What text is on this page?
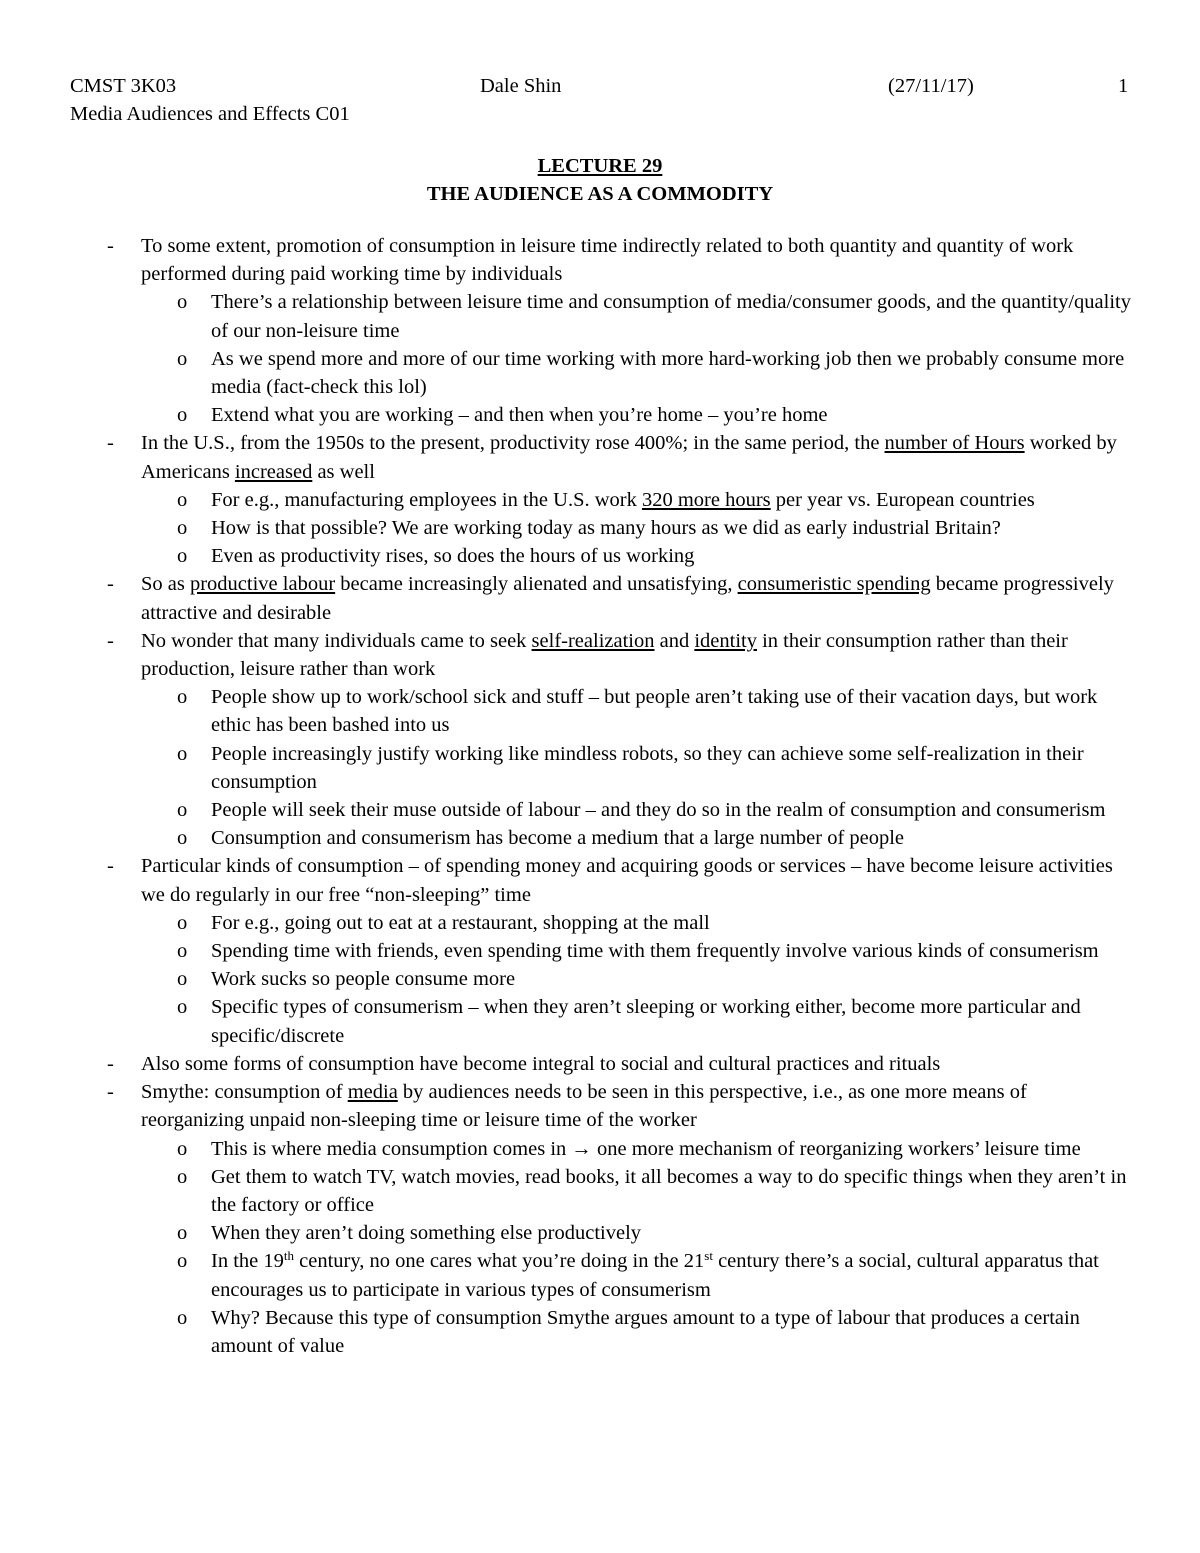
CMST 3K03	Dale Shin	(27/11/17)	1
Media Audiences and Effects C01
LECTURE 29
THE AUDIENCE AS A COMMODITY
- To some extent, promotion of consumption in leisure time indirectly related to both quantity and quantity of work performed during paid working time by individuals
o There’s a relationship between leisure time and consumption of media/consumer goods, and the quantity/quality of our non-leisure time
o As we spend more and more of our time working with more hard-working job then we probably consume more media (fact-check this lol)
o Extend what you are working – and then when you’re home – you’re home
- In the U.S., from the 1950s to the present, productivity rose 400%; in the same period, the number of Hours worked by Americans increased as well
o For e.g., manufacturing employees in the U.S. work 320 more hours per year vs. European countries
o How is that possible? We are working today as many hours as we did as early industrial Britain?
o Even as productivity rises, so does the hours of us working
- So as productive labour became increasingly alienated and unsatisfying, consumeristic spending became progressively attractive and desirable
- No wonder that many individuals came to seek self-realization and identity in their consumption rather than their production, leisure rather than work
o People show up to work/school sick and stuff – but people aren’t taking use of their vacation days, but work ethic has been bashed into us
o People increasingly justify working like mindless robots, so they can achieve some self-realization in their consumption
o People will seek their muse outside of labour – and they do so in the realm of consumption and consumerism
o Consumption and consumerism has become a medium that a large number of people
- Particular kinds of consumption – of spending money and acquiring goods or services – have become leisure activities we do regularly in our free “non-sleeping” time
o For e.g., going out to eat at a restaurant, shopping at the mall
o Spending time with friends, even spending time with them frequently involve various kinds of consumerism
o Work sucks so people consume more
o Specific types of consumerism – when they aren’t sleeping or working either, become more particular and specific/discrete
- Also some forms of consumption have become integral to social and cultural practices and rituals
- Smythe: consumption of media by audiences needs to be seen in this perspective, i.e., as one more means of reorganizing unpaid non-sleeping time or leisure time of the worker
o This is where media consumption comes in → one more mechanism of reorganizing workers’ leisure time
o Get them to watch TV, watch movies, read books, it all becomes a way to do specific things when they aren’t in the factory or office
o When they aren’t doing something else productively
o In the 19th century, no one cares what you’re doing in the 21st century there’s a social, cultural apparatus that encourages us to participate in various types of consumerism
o Why? Because this type of consumption Smythe argues amount to a type of labour that produces a certain amount of value
